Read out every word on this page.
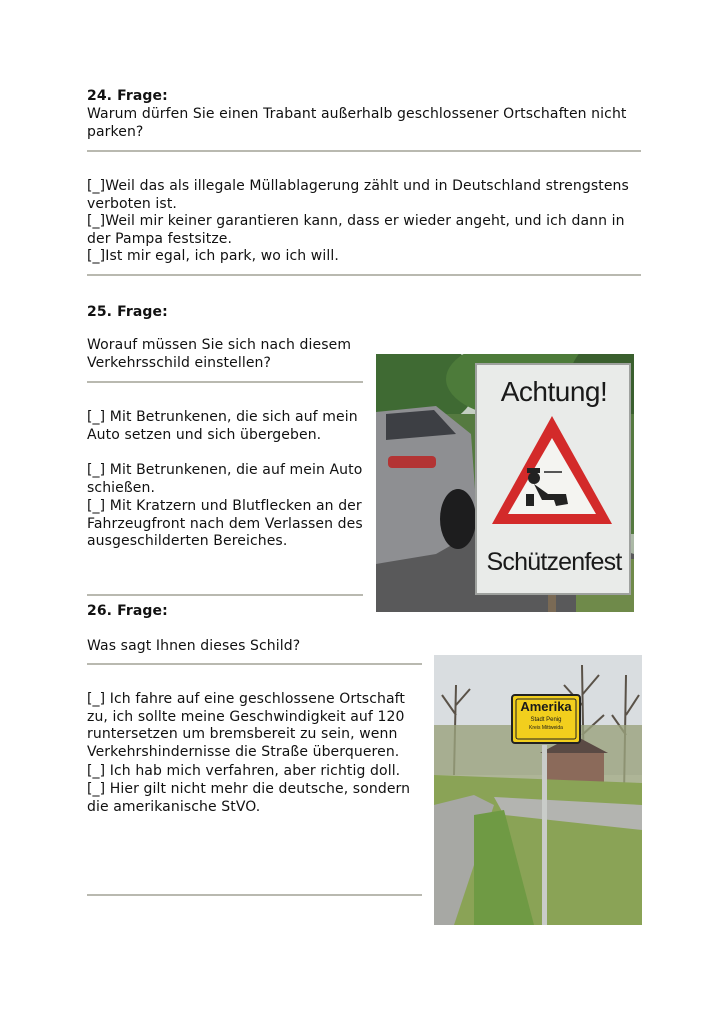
24. Frage:
Warum dürfen Sie einen Trabant außerhalb geschlossener Ortschaften nicht parken?
[_]Weil das als illegale Müllablagerung zählt und in Deutschland strengstens verboten ist.
[_]Weil mir keiner garantieren kann, dass er wieder angeht, und ich dann in der Pampa festsitze.
[_]Ist mir egal, ich park, wo ich will.
25. Frage:
Worauf müssen Sie sich nach diesem Verkehrsschild einstellen?
[_] Mit Betrunkenen, die sich auf mein Auto setzen und sich übergeben.
[_] Mit Betrunkenen, die auf mein Auto schießen.
[_] Mit Kratzern und Blutflecken an der Fahrzeugfront nach dem Verlassen des ausgeschilderten Bereiches.
Achtung!
Schützenfest
26. Frage:
Was sagt Ihnen dieses Schild?
[_] Ich fahre auf eine geschlossene Ortschaft zu, ich sollte meine Geschwindigkeit auf 120 runtersetzen um bremsbereit zu sein, wenn Verkehrshindernisse die Straße überqueren.
[_] Ich hab mich verfahren, aber richtig doll.
[_] Hier gilt nicht mehr die deutsche, sondern die amerikanische StVO.
Amerika
Stadt Penig
Kreis Mittweida
